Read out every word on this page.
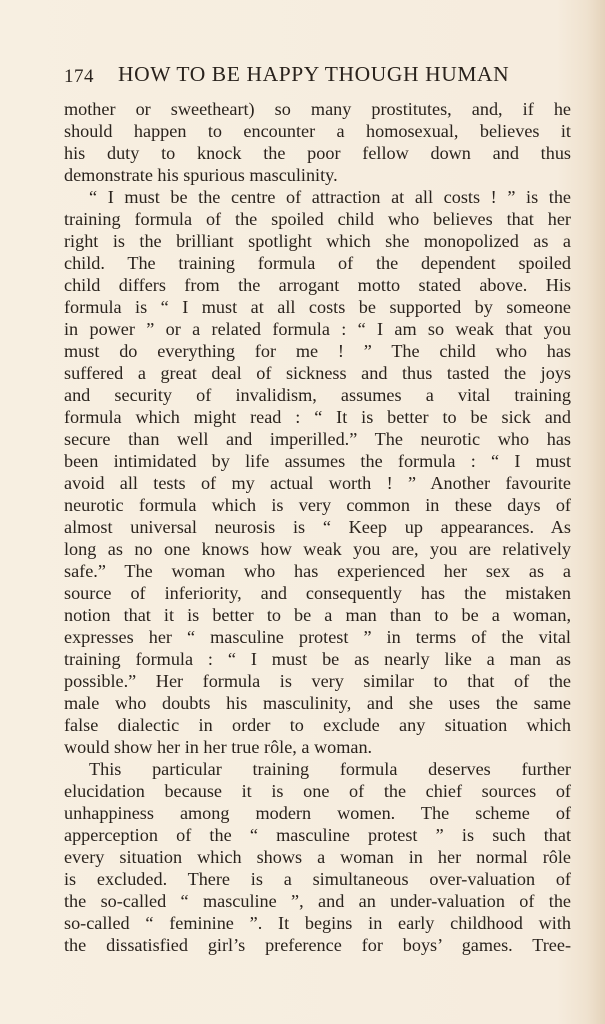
174 HOW TO BE HAPPY THOUGH HUMAN
mother or sweetheart) so many prostitutes, and, if he
should happen to encounter a homosexual, believes it
his duty to knock the poor fellow down and thus
demonstrate his spurious masculinity.
“ I must be the centre of attraction at all costs ! ” is the
training formula of the spoiled child who believes that her
right is the brilliant spotlight which she monopolized as a
child. The training formula of the dependent spoiled
child differs from the arrogant motto stated above. His
formula is “ I must at all costs be supported by someone
in power ” or a related formula : “ I am so weak that you
must do everything for me ! ” The child who has
suffered a great deal of sickness and thus tasted the joys
and security of invalidism, assumes a vital training
formula which might read : “ It is better to be sick and
secure than well and imperilled.” The neurotic who has
been intimidated by life assumes the formula : “ I must
avoid all tests of my actual worth ! ” Another favourite
neurotic formula which is very common in these days of
almost universal neurosis is “ Keep up appearances. As
long as no one knows how weak you are, you are relatively
safe.” The woman who has experienced her sex as a
source of inferiority, and consequently has the mistaken
notion that it is better to be a man than to be a woman,
expresses her “ masculine protest ” in terms of the vital
training formula : “ I must be as nearly like a man as
possible.” Her formula is very similar to that of the
male who doubts his masculinity, and she uses the same
false dialectic in order to exclude any situation which
would show her in her true rôle, a woman.
This particular training formula deserves further
elucidation because it is one of the chief sources of
unhappiness among modern women. The scheme of
apperception of the “ masculine protest ” is such that
every situation which shows a woman in her normal rôle
is excluded. There is a simultaneous over-valuation of
the so-called “ masculine ”, and an under-valuation of the
so-called “ feminine ”. It begins in early childhood with
the dissatisfied girl’s preference for boys’ games. Tree-
